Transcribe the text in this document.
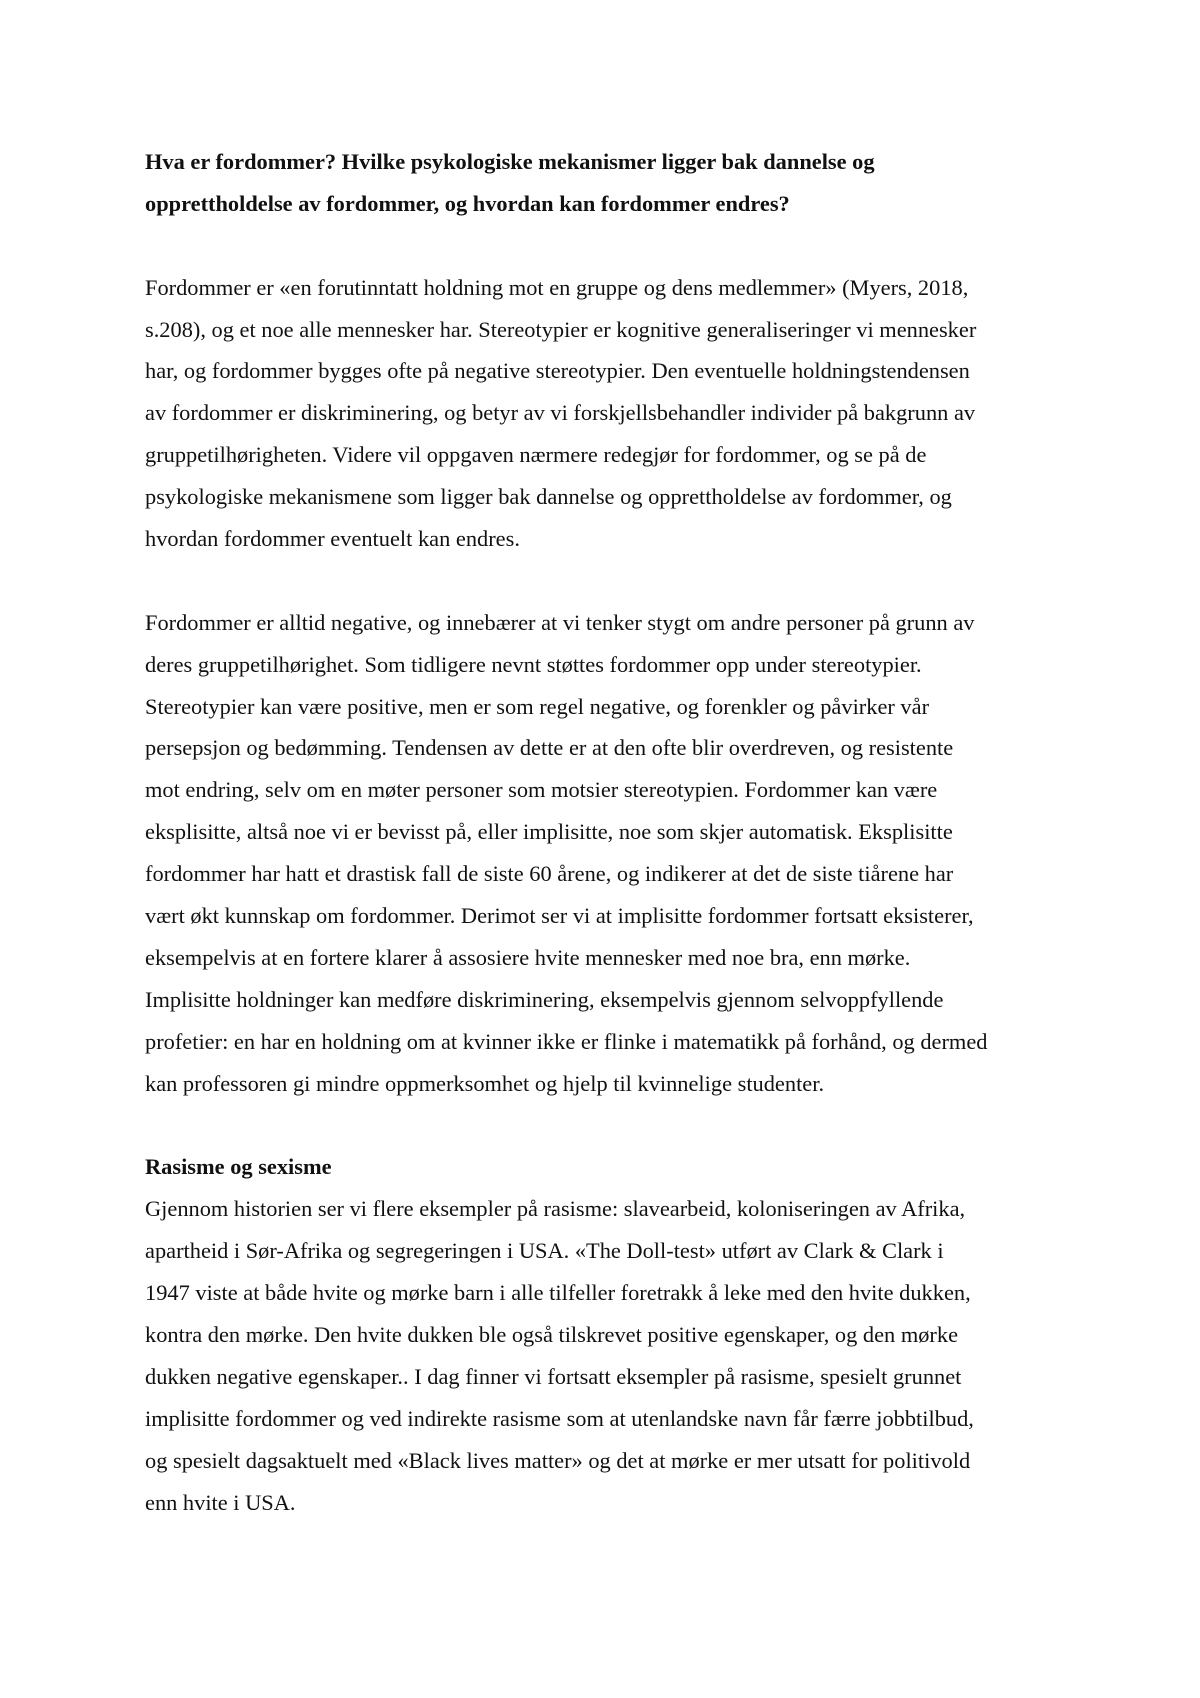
Hva er fordommer? Hvilke psykologiske mekanismer ligger bak dannelse og
opprettholdelse av fordommer, og hvordan kan fordommer endres?
Fordommer er «en forutinntatt holdning mot en gruppe og dens medlemmer» (Myers, 2018,
s.208), og et noe alle mennesker har. Stereotypier er kognitive generaliseringer vi mennesker
har, og fordommer bygges ofte på negative stereotypier. Den eventuelle holdningstendensen
av fordommer er diskriminering, og betyr av vi forskjellsbehandler individer på bakgrunn av
gruppetilhørigheten. Videre vil oppgaven nærmere redegjør for fordommer, og se på de
psykologiske mekanismene som ligger bak dannelse og opprettholdelse av fordommer, og
hvordan fordommer eventuelt kan endres.
Fordommer er alltid negative, og innebærer at vi tenker stygt om andre personer på grunn av
deres gruppetilhørighet. Som tidligere nevnt støttes fordommer opp under stereotypier.
Stereotypier kan være positive, men er som regel negative, og forenkler og påvirker vår
persepsjon og bedømming. Tendensen av dette er at den ofte blir overdreven, og resistente
mot endring, selv om en møter personer som motsier stereotypien. Fordommer kan være
eksplisitte, altså noe vi er bevisst på, eller implisitte, noe som skjer automatisk. Eksplisitte
fordommer har hatt et drastisk fall de siste 60 årene, og indikerer at det de siste tiårene har
vært økt kunnskap om fordommer. Derimot ser vi at implisitte fordommer fortsatt eksisterer,
eksempelvis at en fortere klarer å assosiere hvite mennesker med noe bra, enn mørke.
Implisitte holdninger kan medføre diskriminering, eksempelvis gjennom selvoppfyllende
profetier: en har en holdning om at kvinner ikke er flinke i matematikk på forhånd, og dermed
kan professoren gi mindre oppmerksomhet og hjelp til kvinnelige studenter.
Rasisme og sexisme
Gjennom historien ser vi flere eksempler på rasisme: slavearbeid, koloniseringen av Afrika,
apartheid i Sør-Afrika og segregeringen i USA. «The Doll-test» utført av Clark & Clark i
1947 viste at både hvite og mørke barn i alle tilfeller foretrakk å leke med den hvite dukken,
kontra den mørke. Den hvite dukken ble også tilskrevet positive egenskaper, og den mørke
dukken negative egenskaper.. I dag finner vi fortsatt eksempler på rasisme, spesielt grunnet
implisitte fordommer og ved indirekte rasisme som at utenlandske navn får færre jobbtilbud,
og spesielt dagsaktuelt med «Black lives matter» og det at mørke er mer utsatt for politivold
enn hvite i USA.
